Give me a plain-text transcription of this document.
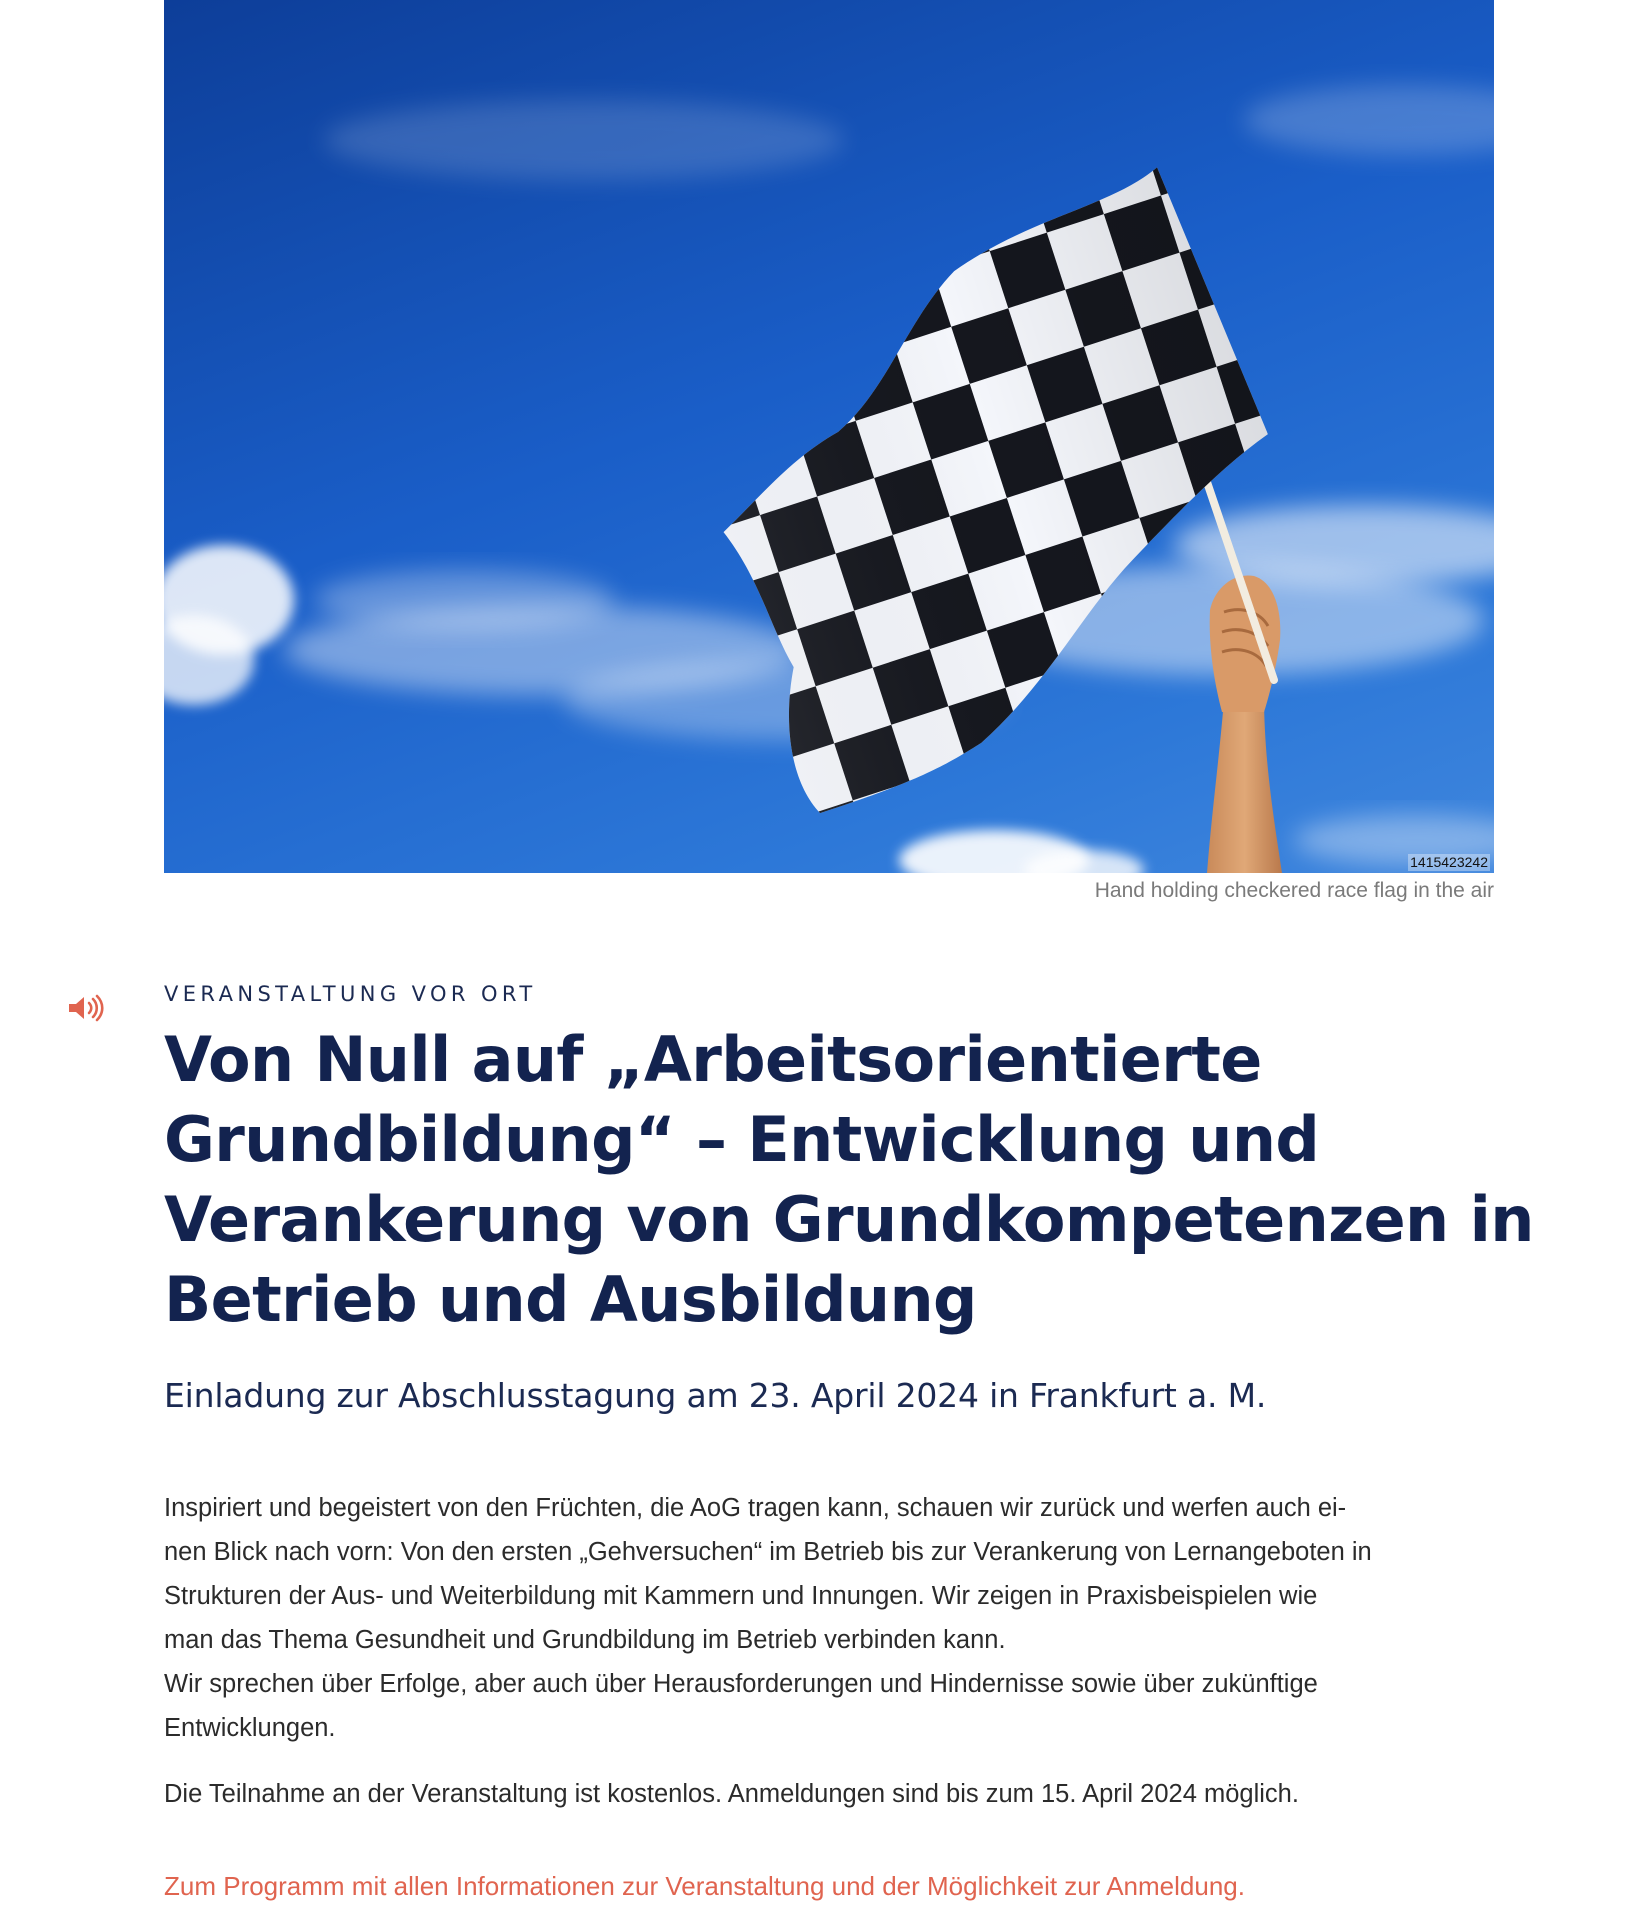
1415423242
Hand holding checkered race flag in the air
VERANSTALTUNG VOR ORT
Von Null auf „Arbeitsorientierte
Grundbildung“ – Entwicklung und
Verankerung von Grundkompetenzen in
Betrieb und Ausbildung
Einladung zur Abschlusstagung am 23. April 2024 in Frankfurt a. M.

Inspiriert und begeistert von den Früchten, die AoG tragen kann, schauen wir zurück und werfen auch ei-
nen Blick nach vorn: Von den ersten „Gehversuchen“ im Betrieb bis zur Verankerung von Lernangeboten in
Strukturen der Aus- und Weiterbildung mit Kammern und Innungen. Wir zeigen in Praxisbeispielen wie
man das Thema Gesundheit und Grundbildung im Betrieb verbinden kann.
Wir sprechen über Erfolge, aber auch über Herausforderungen und Hindernisse sowie über zukünftige
Entwicklungen.

Die Teilnahme an der Veranstaltung ist kostenlos. Anmeldungen sind bis zum 15. April 2024 möglich.

Zum Programm mit allen Informationen zur Veranstaltung und der Möglichkeit zur Anmeldung.
